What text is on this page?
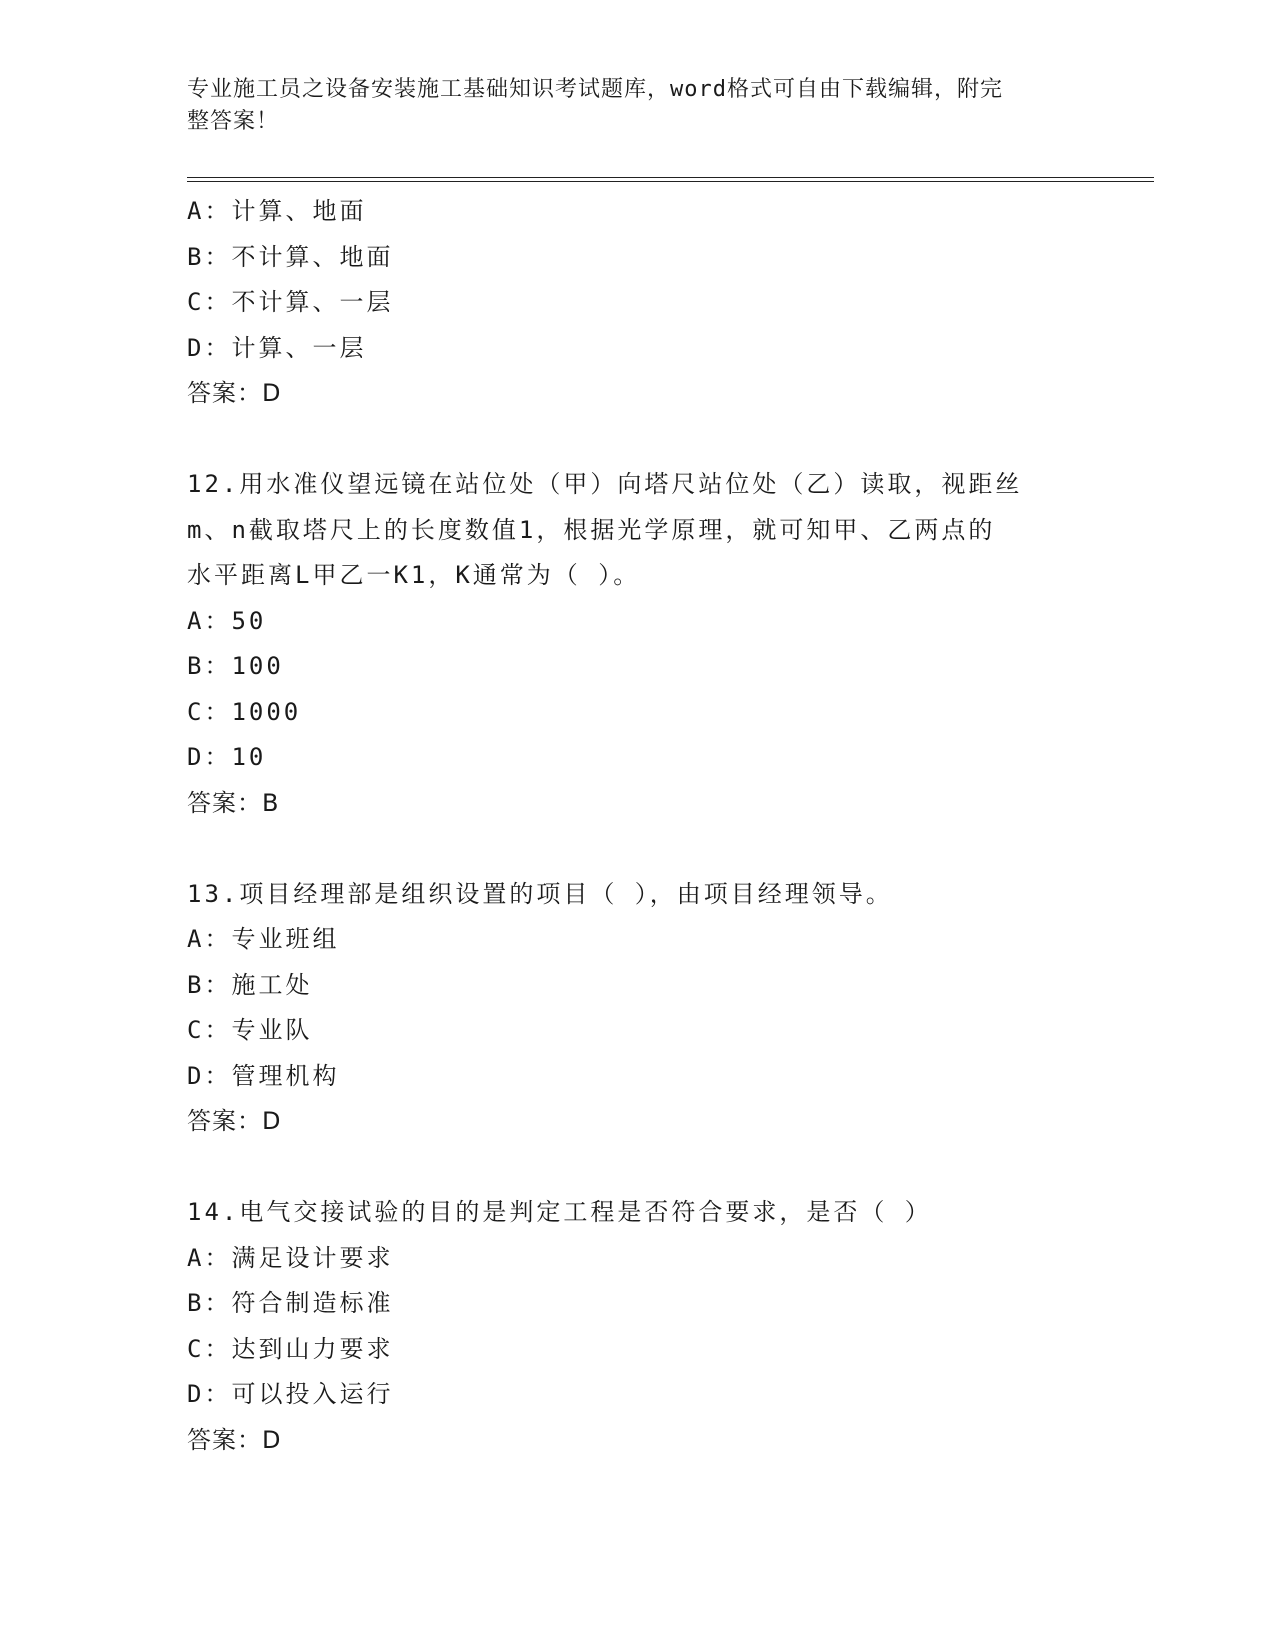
专业施工员之设备安装施工基础知识考试题库，word格式可自由下载编辑，附完
整答案！
A：计算、地面
B：不计算、地面
C：不计算、一层
D：计算、一层
答案：D
12.用水准仪望远镜在站位处（甲）向塔尺站位处（乙）读取，视距丝
m、n截取塔尺上的长度数值1，根据光学原理，就可知甲、乙两点的
水平距离L甲乙一K1，K通常为（ ）。
A：50
B：100
C：1000
D：10
答案：B
13.项目经理部是组织设置的项目（ ），由项目经理领导。
A：专业班组
B：施工处
C：专业队
D：管理机构
答案：D
14.电气交接试验的目的是判定工程是否符合要求，是否（ ）
A：满足设计要求
B：符合制造标准
C：达到山力要求
D：可以投入运行
答案：D
